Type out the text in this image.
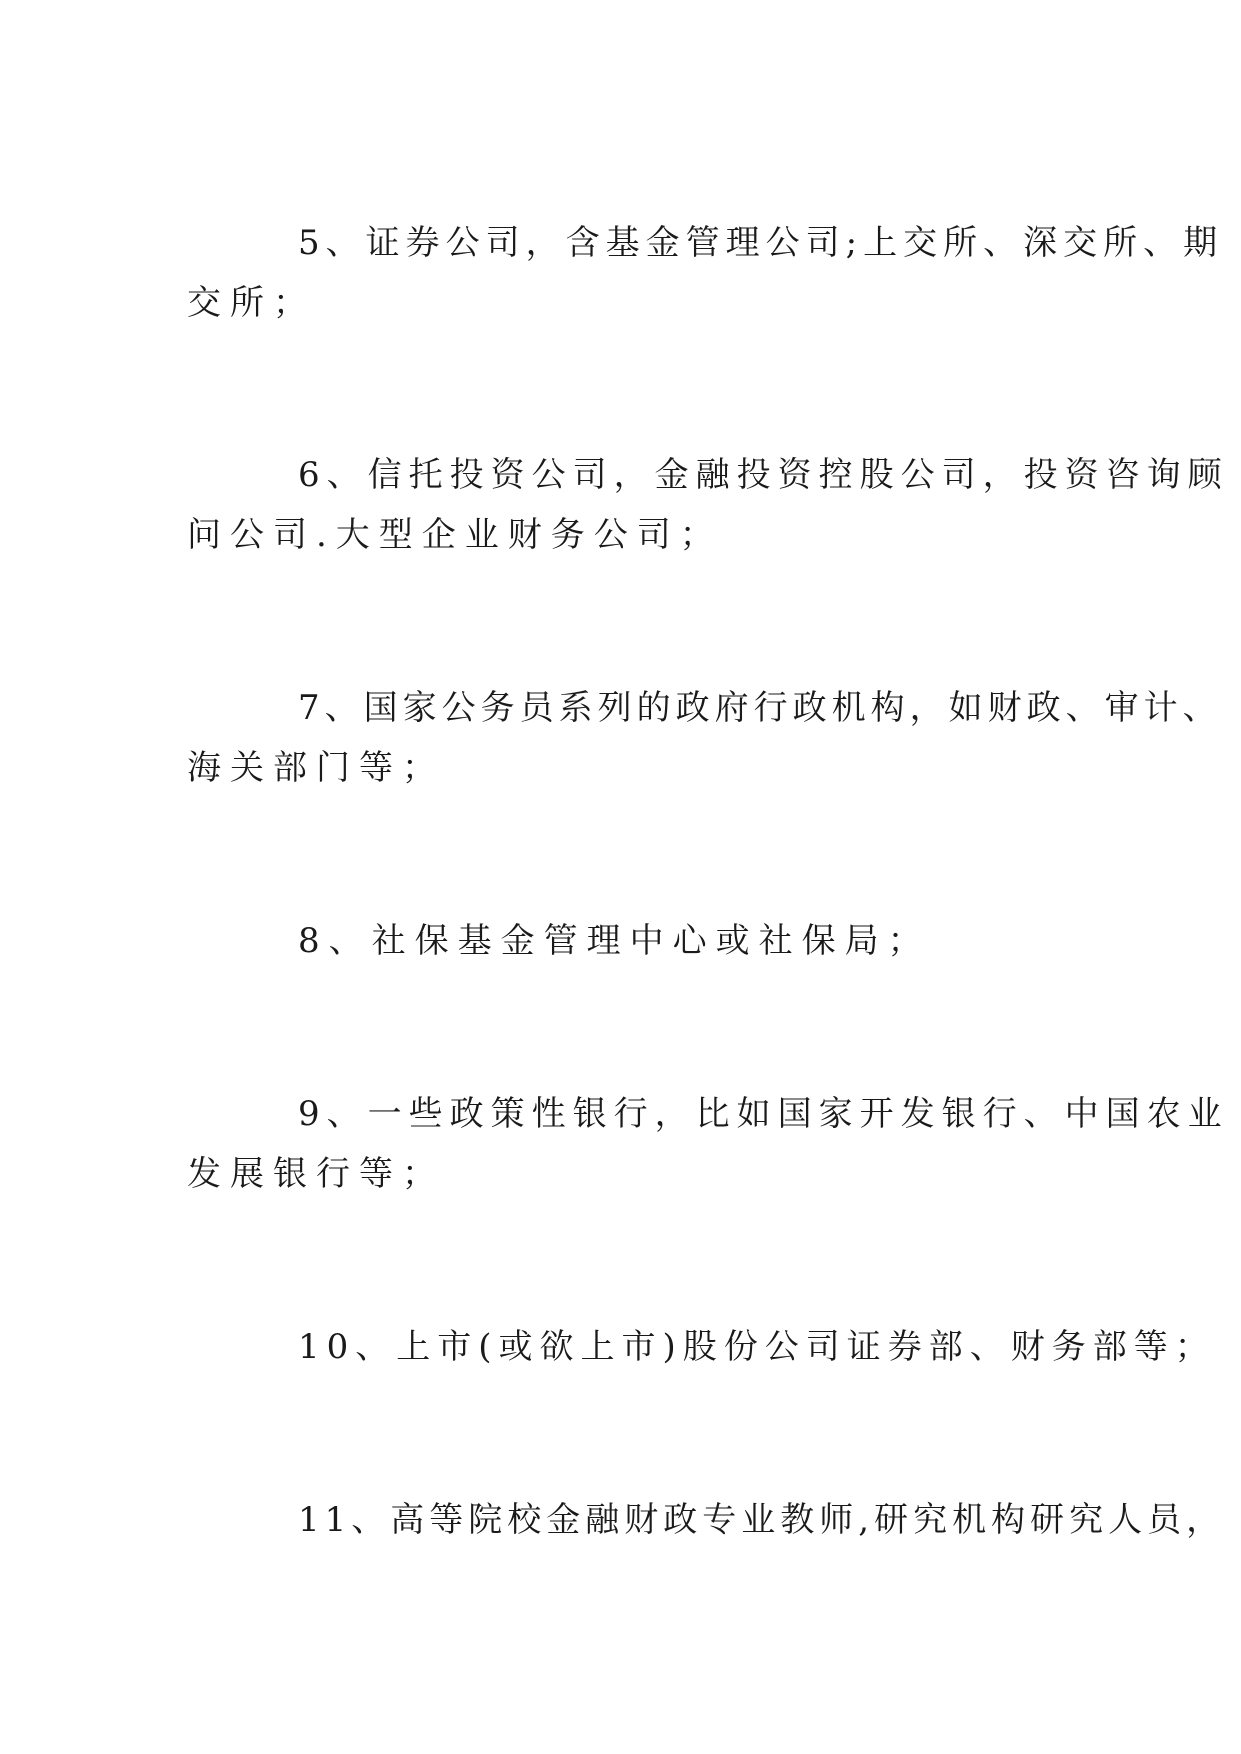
5、证券公司，含基金管理公司;上交所、深交所、期
交所；
6、信托投资公司，金融投资控股公司，投资咨询顾
问公司.大型企业财务公司；
7、国家公务员系列的政府行政机构，如财政、审计、
海关部门等；
8、社保基金管理中心或社保局；
9、一些政策性银行，比如国家开发银行、中国农业
发展银行等；
10、上市(或欲上市)股份公司证券部、财务部等；
11、高等院校金融财政专业教师,研究机构研究人员，
